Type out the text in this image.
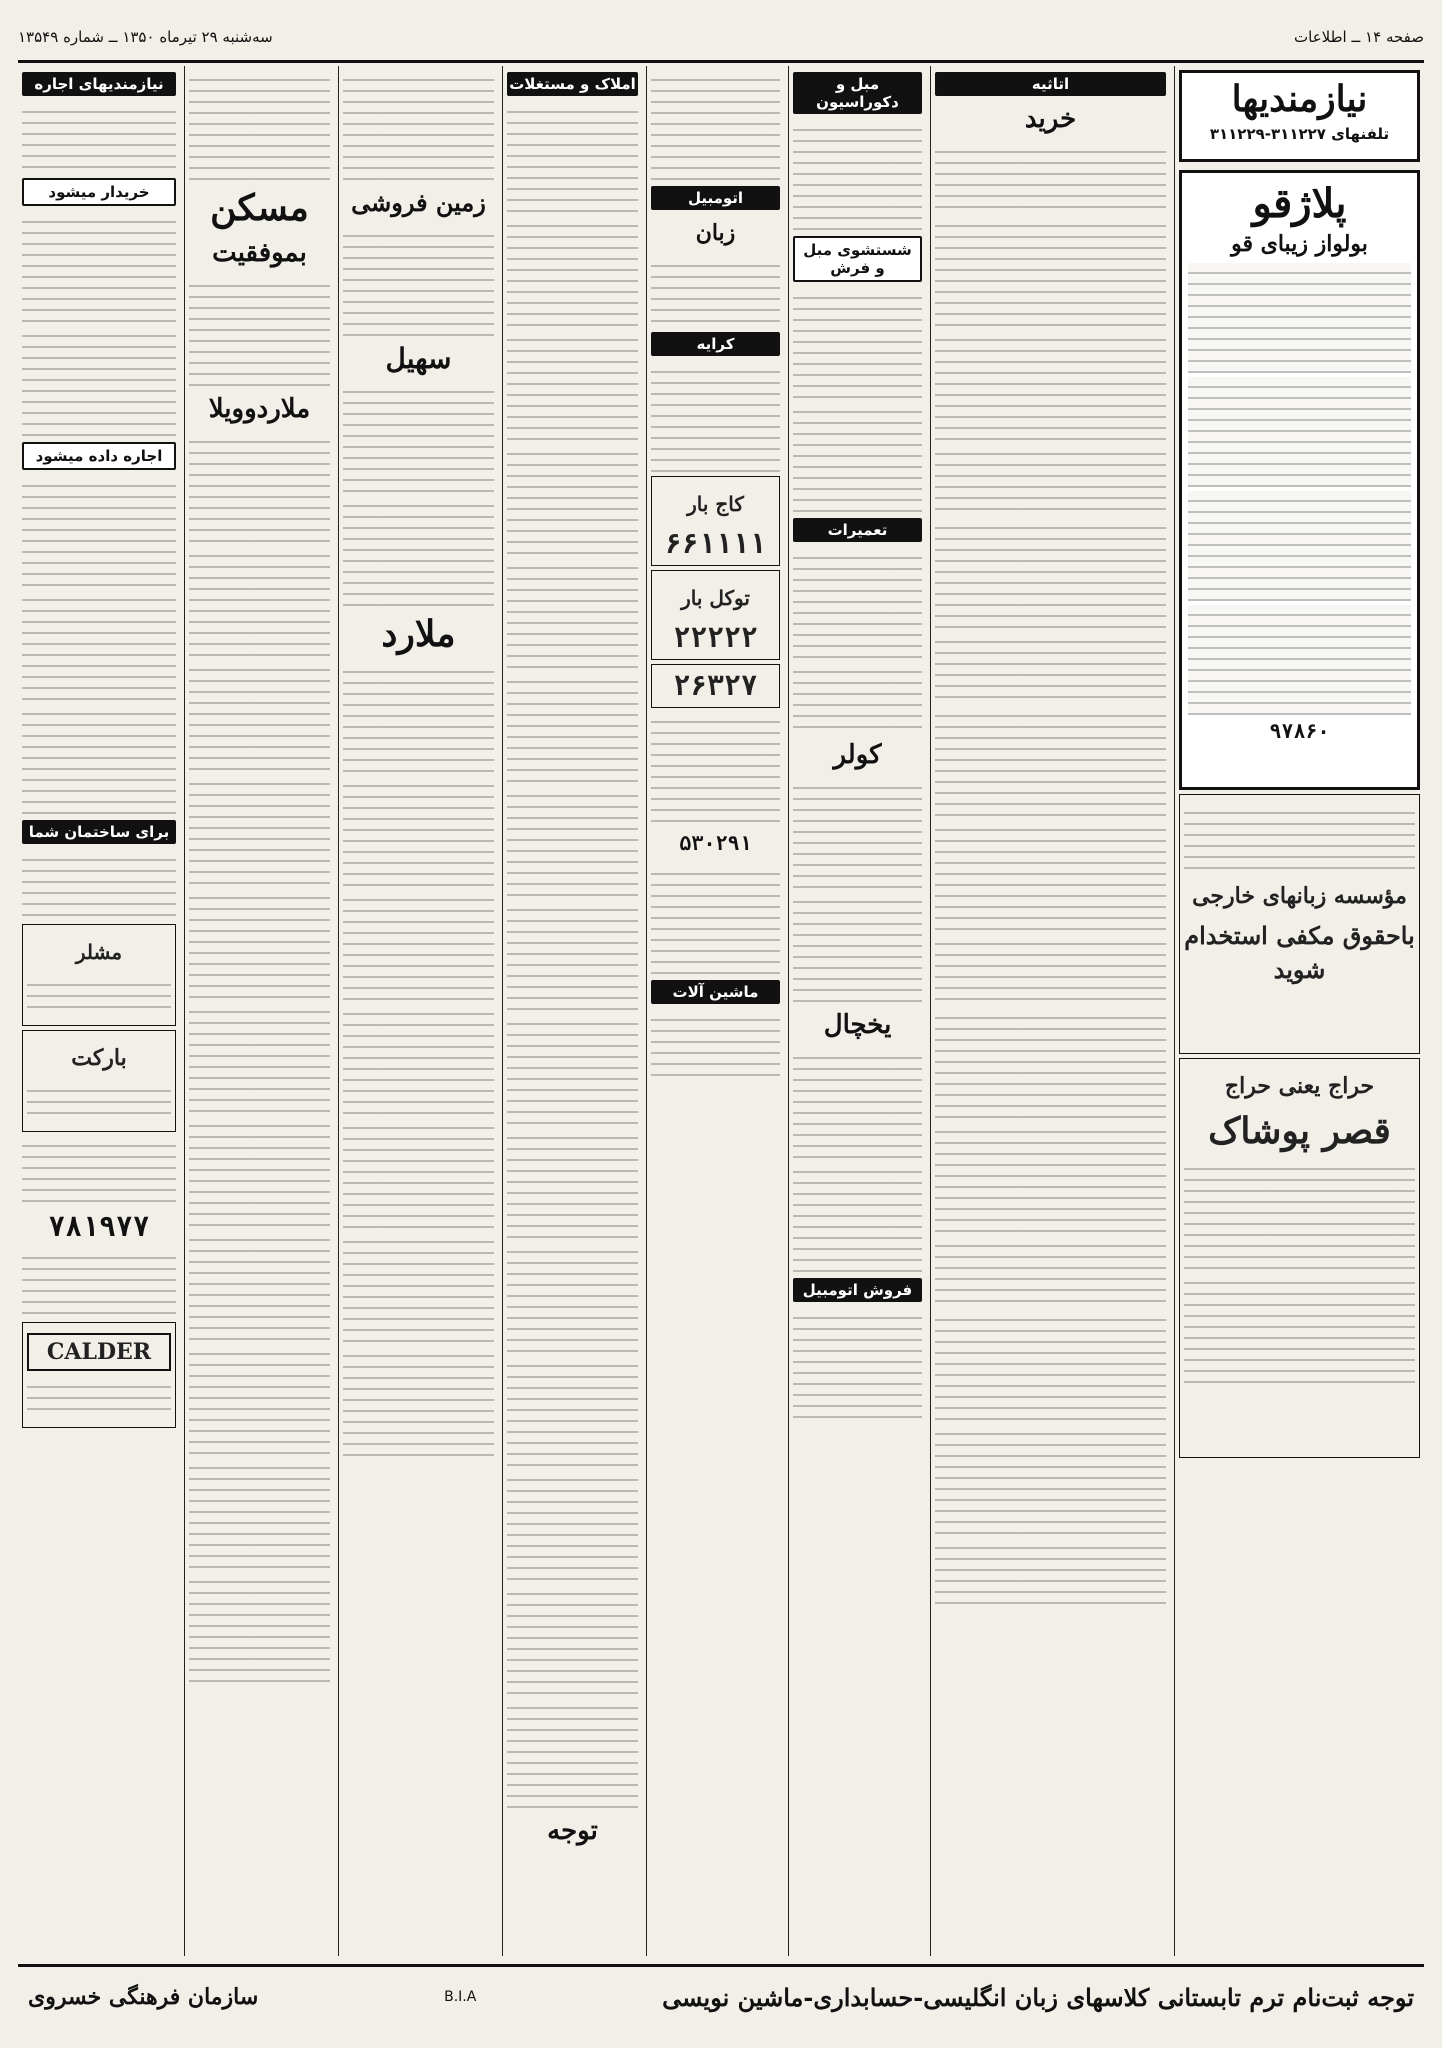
صفحه ۱۴ ــ اطلاعات
سه‌شنبه ۲۹ تیرماه ۱۳۵۰ ــ شماره ۱۳۵۴۹
نیازمندیها
تلفنهای ۳۱۱۲۲۷-۳۱۱۲۲۹
پلاژقو
بولواز زیبای قو
۹۷۸۶۰
مؤسسه زبانهای خارجی
باحقوق مکفی استخدام شوید
حراج یعنی حراج
قصر پوشاک
اتاثیه
خرید
مبل و دکوراسیون
شستشوی مبل و فرش
تعمیرات
کولر
یخچال
فروش اتومبیل
اتومبیل
زبان
کرایه
کاج بار
۶۶۱۱۱۱
توکل بار
۲۲۲۲۲
۲۶۳۲۷
۵۳۰۲۹۱
ماشین آلات
املاک و مستغلات
توجه
زمین فروشی
سهیل
ملارد
مسکن
بموفقیت
ملاردوویلا
نیازمندیهای اجاره
خریدار میشود
اجاره داده میشود
برای ساختمان شما
مشلر
بارکت
۷۸۱۹۷۷
CALDER
توجه ثبت‌نام ترم تابستانی کلاسهای زبان انگلیسی-حسابداری-ماشین نویسی
B.I.A
سازمان فرهنگی خسروی
